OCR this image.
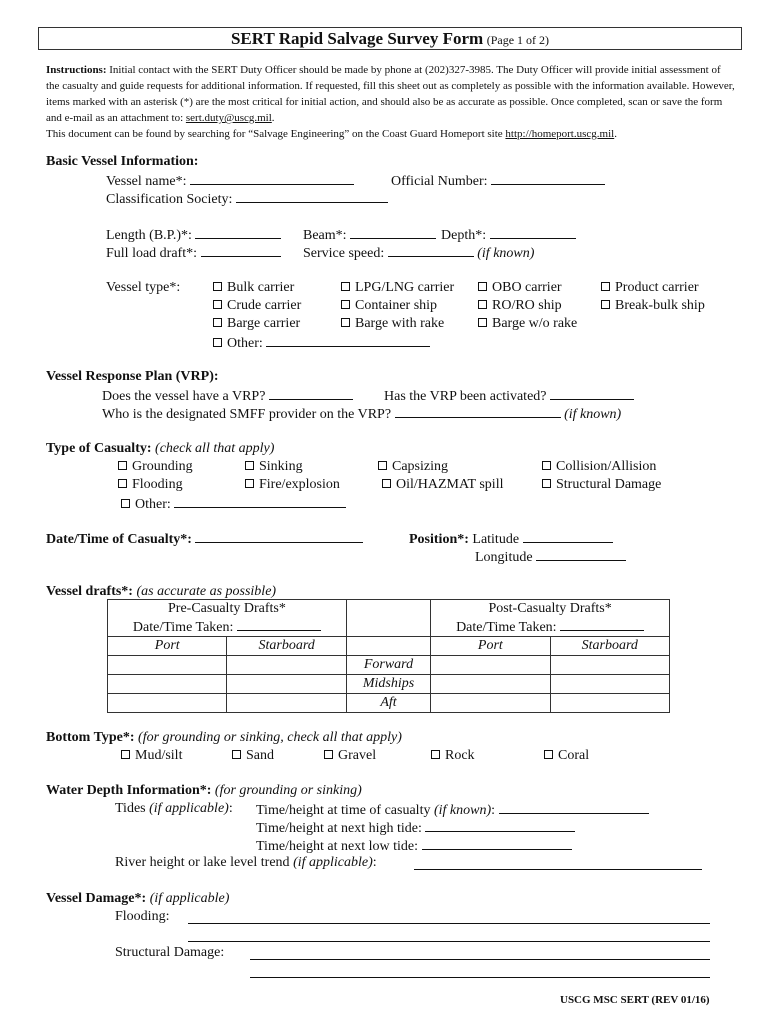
SERT Rapid Salvage Survey Form (Page 1 of 2)
Instructions: Initial contact with the SERT Duty Officer should be made by phone at (202)327-3985. The Duty Officer will provide initial assessment of the casualty and guide requests for additional information. If requested, fill this sheet out as completely as possible with the information available. However, items marked with an asterisk (*) are the most critical for initial action, and should also be as accurate as possible. Once completed, scan or save the form and e-mail as an attachment to: sert.duty@uscg.mil.
This document can be found by searching for “Salvage Engineering” on the Coast Guard Homeport site http://homeport.uscg.mil.
Basic Vessel Information:
Vessel name*:	Official Number:
Classification Society:
Length (B.P.)*:	Beam*:	Depth*:
Full load draft*:	Service speed:	(if known)
Vessel type*:	Bulk carrier	LPG/LNG carrier	OBO carrier	Product carrier
Crude carrier	Container ship	RO/RO ship	Break-bulk ship
Barge carrier	Barge with rake	Barge w/o rake
Other:
Vessel Response Plan (VRP):
Does the vessel have a VRP?	Has the VRP been activated?
Who is the designated SMFF provider on the VRP?	(if known)
Type of Casualty: (check all that apply)
Grounding	Sinking	Capsizing	Collision/Allision
Flooding	Fire/explosion	Oil/HAZMAT spill	Structural Damage
Other:
Date/Time of Casualty*:	Position*: Latitude
Longitude
Vessel drafts*: (as accurate as possible)
Pre-Casualty Drafts*			Post-Casualty Drafts*	
Date/Time Taken:			Date/Time Taken:	
Port	Starboard		Port	Starboard
		Forward		
		Midships		
		Aft		
Bottom Type*: (for grounding or sinking, check all that apply)
Mud/silt	Sand	Gravel	Rock	Coral
Water Depth Information*: (for grounding or sinking)
Tides (if applicable): Time/height at time of casualty (if known):
Time/height at next high tide:
Time/height at next low tide:
River height or lake level trend (if applicable):
Vessel Damage*: (if applicable)
Flooding:
Structural Damage:
USCG MSC SERT (REV 01/16)
